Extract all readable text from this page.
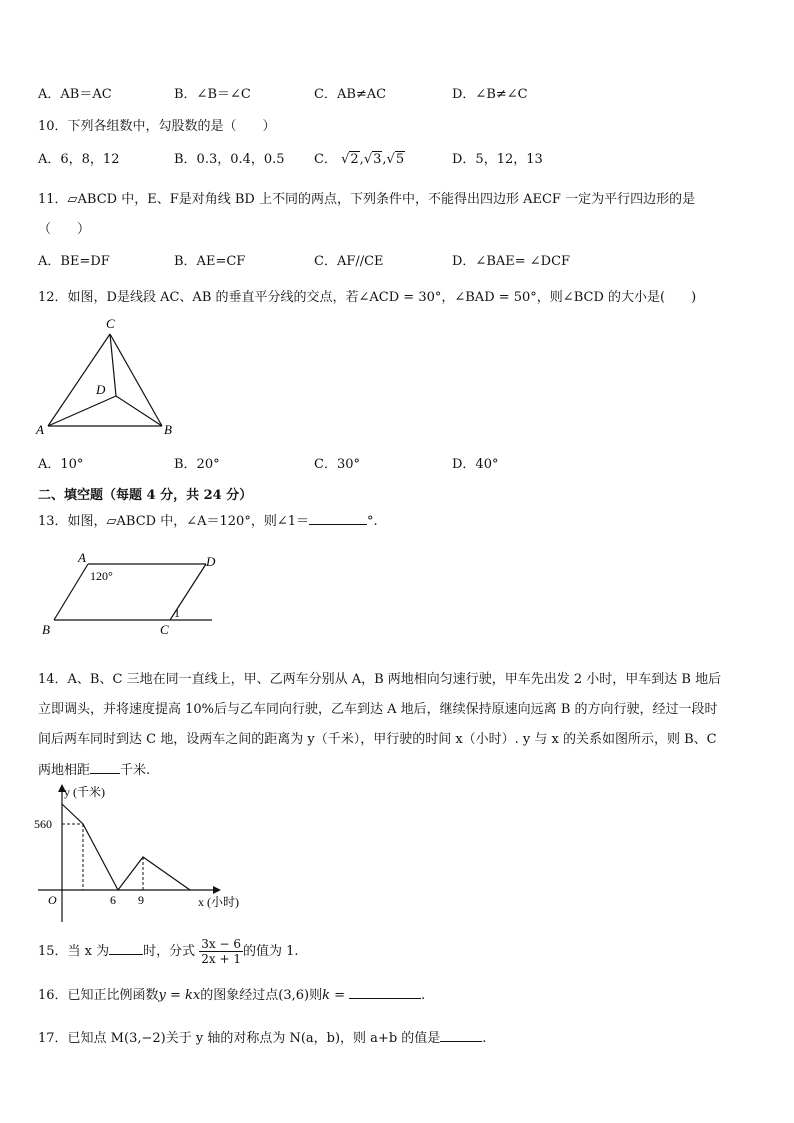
A．AB＝AC	B．∠B＝∠C	C．AB≠AC	D．∠B≠∠C
10．下列各组数中，勾股数的是（　　）
A．6，8，12	B．0.3，0.4，0.5 C． √2,√3,√5	D．5，12，13
11．▱ABCD 中，E、F是对角线 BD 上不同的两点，下列条件中，不能得出四边形 AECF 一定为平行四边形的是
（　　）
A．BE=DF	B．AE=CF	C．AF//CE	D．∠BAE= ∠DCF
12．如图，D是线段 AC、AB 的垂直平分线的交点，若∠ACD = 30°，∠BAD = 50°，则∠BCD 的大小是(　　)
C
D
A	B
A．10°	B．20°	C．30°	D．40°
二、填空题（每题 4 分，共 24 分）
13．如图，▱ABCD 中，∠A＝120°，则∠1＝	°.
A	D
B	C
120°
1
14．A、B、C 三地在同一直线上，甲、乙两车分别从 A，B 两地相向匀速行驶，甲车先出发 2 小时，甲车到达 B 地后
立即调头，并将速度提高 10%后与乙车同向行驶，乙车到达 A 地后，继续保持原速向远离 B 的方向行驶，经过一段时
间后两车同时到达 C 地，设两车之间的距离为 y（千米），甲行驶的时间 x（小时）. y 与 x 的关系如图所示，则 B、C
两地相距 千米.
y (千米)
x (小时)
560
O	6 9
15．当 x 为	时，分式 $\frac{3x - 6}{2x + 1}$ 的值为 1.
16．已知正比例函数y = kx的图象经过点(3,6)则k =	.
17．已知点 M(3,−2)关于 y 轴的对称点为 N(a，b)，则 a+b 的值是	.
